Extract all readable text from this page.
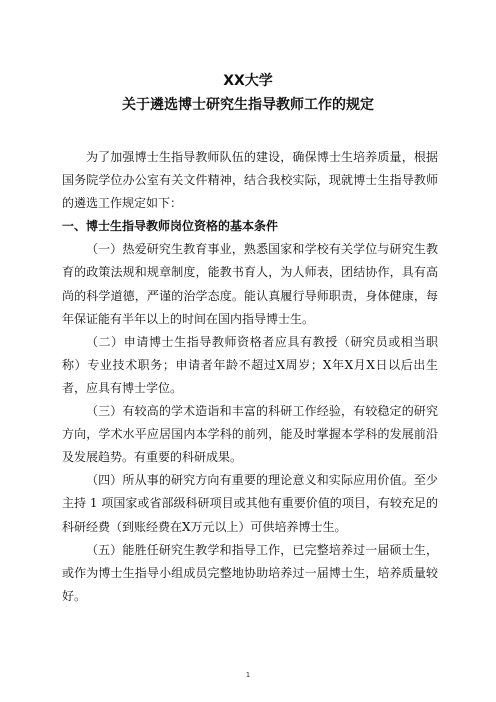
XX大学
关于遴选博士研究生指导教师工作的规定

为了加强博士生指导教师队伍的建设，确保博士生培养质量，根据国务院学位办公室有关文件精神，结合我校实际，现就博士生指导教师的遴选工作规定如下：

一、博士生指导教师岗位资格的基本条件

（一）热爱研究生教育事业，熟悉国家和学校有关学位与研究生教育的政策法规和规章制度，能教书育人，为人师表，团结协作，具有高尚的科学道德，严谨的治学态度。能认真履行导师职责，身体健康，每年保证能有半年以上的时间在国内指导博士生。

（二）申请博士生指导教师资格者应具有教授（研究员或相当职称）专业技术职务；申请者年龄不超过X周岁；X年X月X日以后出生者，应具有博士学位。

（三）有较高的学术造诣和丰富的科研工作经验，有较稳定的研究方向，学术水平应居国内本学科的前列，能及时掌握本学科的发展前沿及发展趋势。有重要的科研成果。

（四）所从事的研究方向有重要的理论意义和实际应用价值。至少主持 1 项国家或省部级科研项目或其他有重要价值的项目，有较充足的科研经费（到账经费在X万元以上）可供培养博士生。

（五）能胜任研究生教学和指导工作，已完整培养过一届硕士生，或作为博士生指导小组成员完整地协助培养过一届博士生，培养质量较好。

1
